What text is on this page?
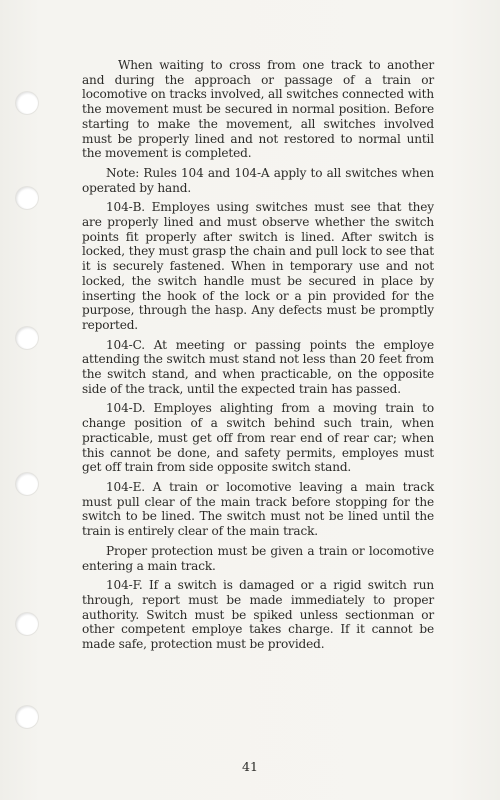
When waiting to cross from one track to another and during the approach or passage of a train or locomotive on tracks involved, all switches connected with the movement must be secured in normal position. Before starting to make the movement, all switches involved must be properly lined and not restored to normal until the movement is completed.

Note: Rules 104 and 104-A apply to all switches when operated by hand.

104-B. Employes using switches must see that they are properly lined and must observe whether the switch points fit properly after switch is lined. After switch is locked, they must grasp the chain and pull lock to see that it is securely fastened. When in temporary use and not locked, the switch handle must be secured in place by inserting the hook of the lock or a pin provided for the purpose, through the hasp. Any defects must be promptly reported.

104-C. At meeting or passing points the employe attending the switch must stand not less than 20 feet from the switch stand, and when practicable, on the opposite side of the track, until the expected train has passed.

104-D. Employes alighting from a moving train to change position of a switch behind such train, when practicable, must get off from rear end of rear car; when this cannot be done, and safety permits, employes must get off train from side opposite switch stand.

104-E. A train or locomotive leaving a main track must pull clear of the main track before stopping for the switch to be lined. The switch must not be lined until the train is entirely clear of the main track.

Proper protection must be given a train or locomotive entering a main track.

104-F. If a switch is damaged or a rigid switch run through, report must be made immediately to proper authority. Switch must be spiked unless sectionman or other competent employe takes charge. If it cannot be made safe, protection must be provided.

41
